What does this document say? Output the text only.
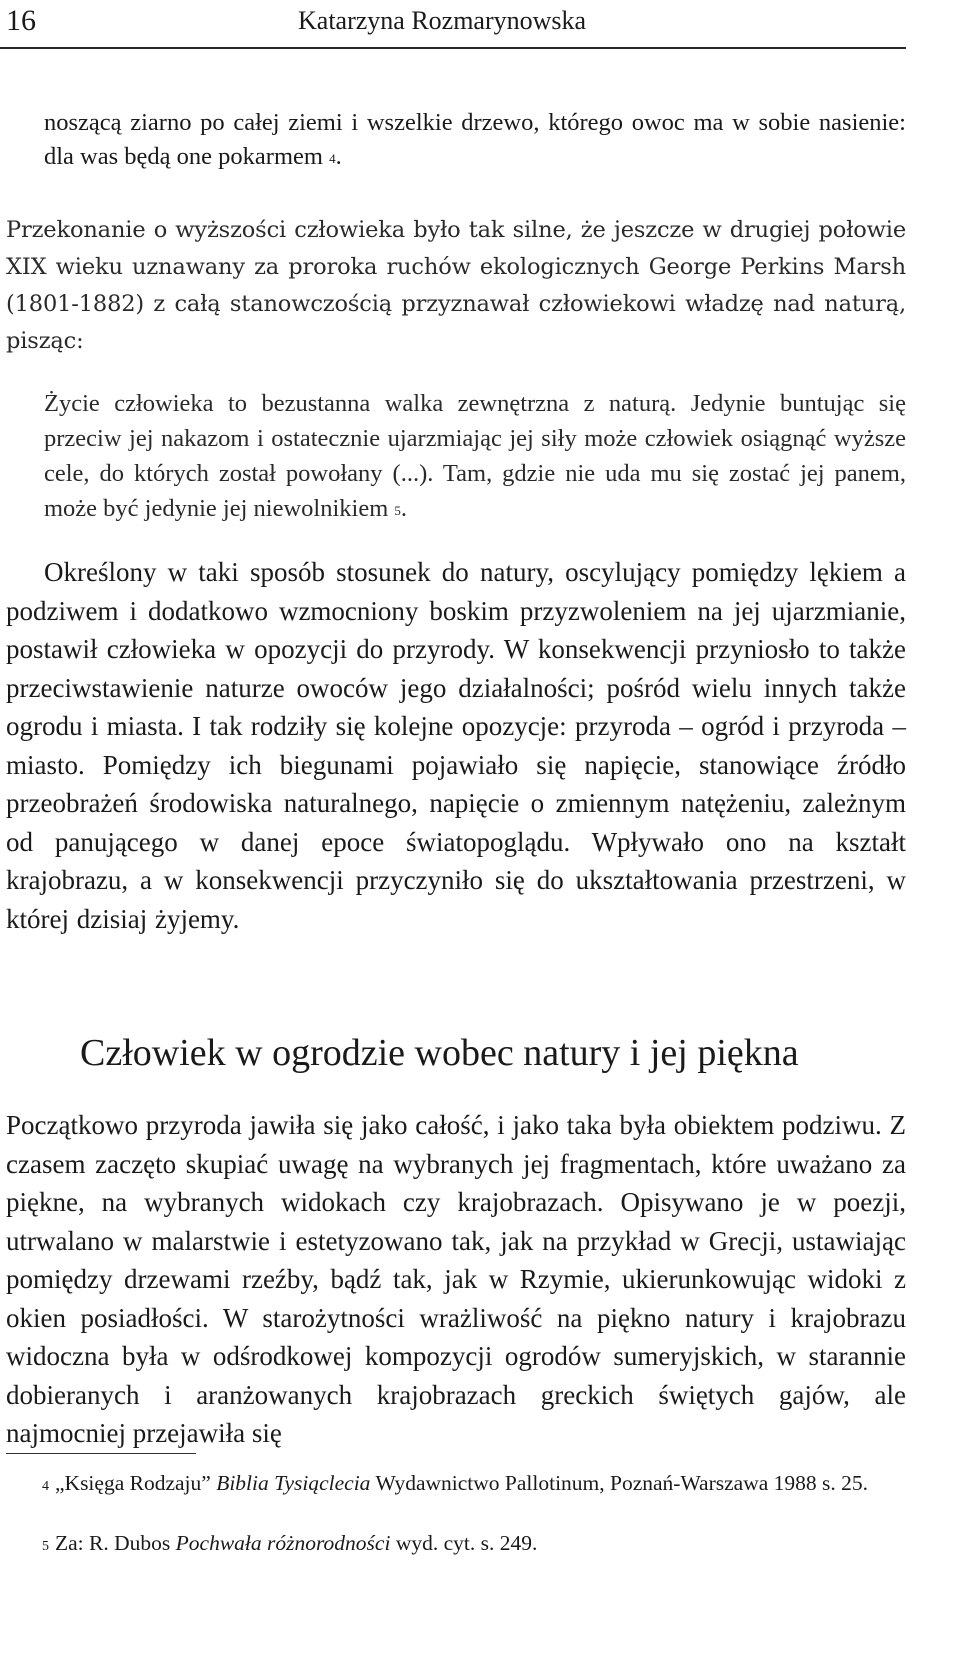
16	Katarzyna Rozmarynowska

noszącą ziarno po całej ziemi i wszelkie drzewo, którego owoc ma w sobie nasienie: dla was będą one pokarmem $^4$.

Przekonanie o wyższości człowieka było tak silne, że jeszcze w drugiej połowie XIX wieku uznawany za proroka ruchów ekologicznych George Perkins Marsh (1801-1882) z całą stanowczością przyznawał człowiekowi władzę nad naturą, pisząc:

Życie człowieka to bezustanna walka zewnętrzna z naturą. Jedynie buntując się przeciw jej nakazom i ostatecznie ujarzmiając jej siły może człowiek osiągnąć wyższe cele, do których został powołany (...). Tam, gdzie nie uda mu się zostać jej panem, może być jedynie jej niewolnikiem $^5$.

Określony w taki sposób stosunek do natury, oscylujący pomiędzy lękiem a podziwem i dodatkowo wzmocniony boskim przyzwoleniem na jej ujarzmianie, postawił człowieka w opozycji do przyrody. W konsekwencji przyniosło to także przeciwstawienie naturze owoców jego działalności; pośród wielu innych także ogrodu i miasta. I tak rodziły się kolejne opozycje: przyroda – ogród i przyroda – miasto. Pomiędzy ich biegunami pojawiało się napięcie, stanowiące źródło przeobrażeń środowiska naturalnego, napięcie o zmiennym natężeniu, zależnym od panującego w danej epoce światopoglądu. Wpływało ono na kształt krajobrazu, a w konsekwencji przyczyniło się do ukształtowania przestrzeni, w której dzisiaj żyjemy.

Człowiek w ogrodzie wobec natury i jej piękna

Początkowo przyroda jawiła się jako całość, i jako taka była obiektem podziwu. Z czasem zaczęto skupiać uwagę na wybranych jej fragmentach, które uważano za piękne, na wybranych widokach czy krajobrazach. Opisywano je w poezji, utrwalano w malarstwie i estetyzowano tak, jak na przykład w Grecji, ustawiając pomiędzy drzewami rzeźby, bądź tak, jak w Rzymie, ukierunkowując widoki z okien posiadłości. W starożytności wrażliwość na piękno natury i krajobrazu widoczna była w odśrodkowej kompozycji ogrodów sumeryjskich, w starannie dobieranych i aranżowanych krajobrazach greckich świętych gajów, ale najmocniej przejawiła się

$^4$ „Księga Rodzaju” Biblia Tysiąclecia Wydawnictwo Pallotinum, Poznań-Warszawa 1988 s. 25.

$^5$ Za: R. Dubos Pochwała różnorodności wyd. cyt. s. 249.
